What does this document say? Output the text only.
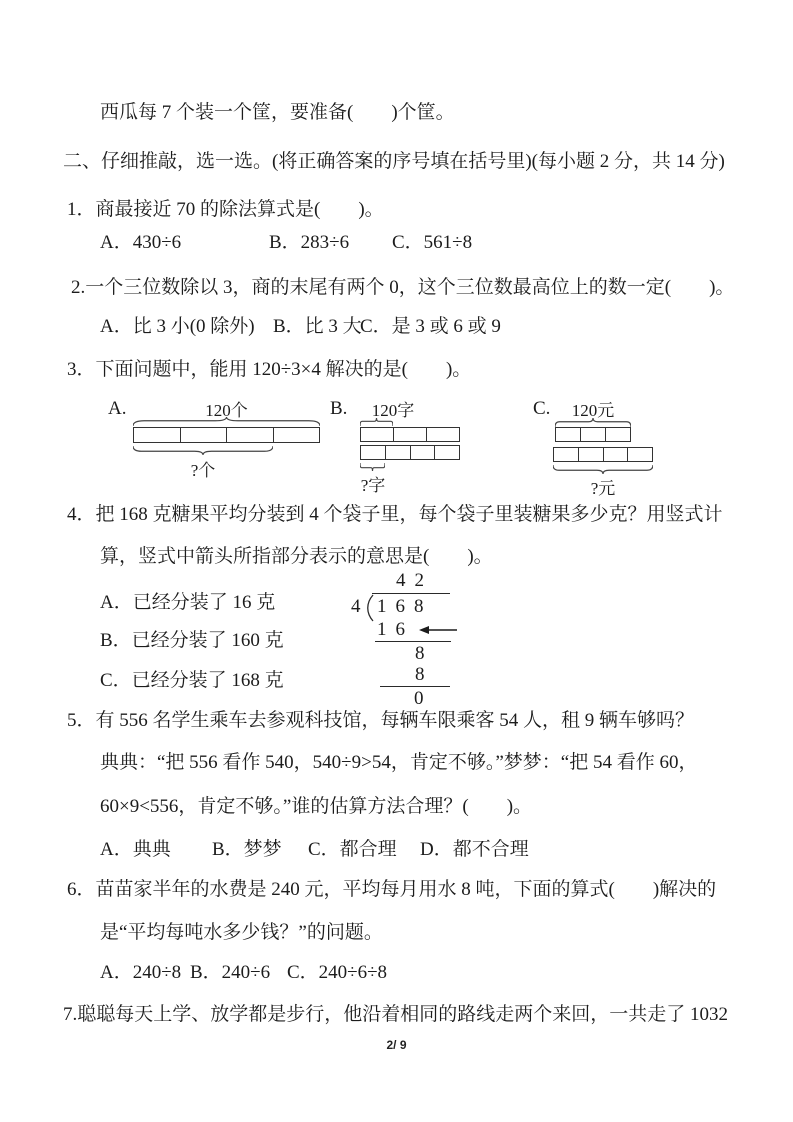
西瓜每 7 个装一个筐，要准备(　　)个筐。
二、仔细推敲，选一选。(将正确答案的序号填在括号里)(每小题 2 分，共 14 分)
1．商最接近 70 的除法算式是(　　)。
A．430÷6	B．283÷6 C．561÷8
2.一个三位数除以 3，商的末尾有两个 0，这个三位数最高位上的数一定(　　)。
A．比 3 小(0 除外) B．比 3 大
C．是 3 或 6 或 9
3．下面问题中，能用 120÷3×4 解决的是(　　)。
A.	120个
?个
B.	120字
?字
C.	120元
?元
4．把 168 克糖果平均分装到 4 个袋子里，每个袋子里装糖果多少克？用竖式计
算，竖式中箭头所指部分表示的意思是(　　)。
A．已经分装了 16 克
B．已经分装了 160 克
C．已经分装了 168 克
42
4 168
16
8
8
0
5．有 556 名学生乘车去参观科技馆，每辆车限乘客 54 人，租 9 辆车够吗？
典典：“把 556 看作 540，540÷9>54，肯定不够。”梦梦：“把 54 看作 60，
60×9<556，肯定不够。”谁的估算方法合理？(　　)。
A．典典 B．梦梦 C．都合理 D．都不合理
6．苗苗家半年的水费是 240 元，平均每月用水 8 吨，下面的算式(　　)解决的
是“平均每吨水多少钱？”的问题。
A．240÷8 B．240÷6 C．240÷6÷8
7.聪聪每天上学、放学都是步行，他沿着相同的路线走两个来回，一共走了 1032
2/ 9
